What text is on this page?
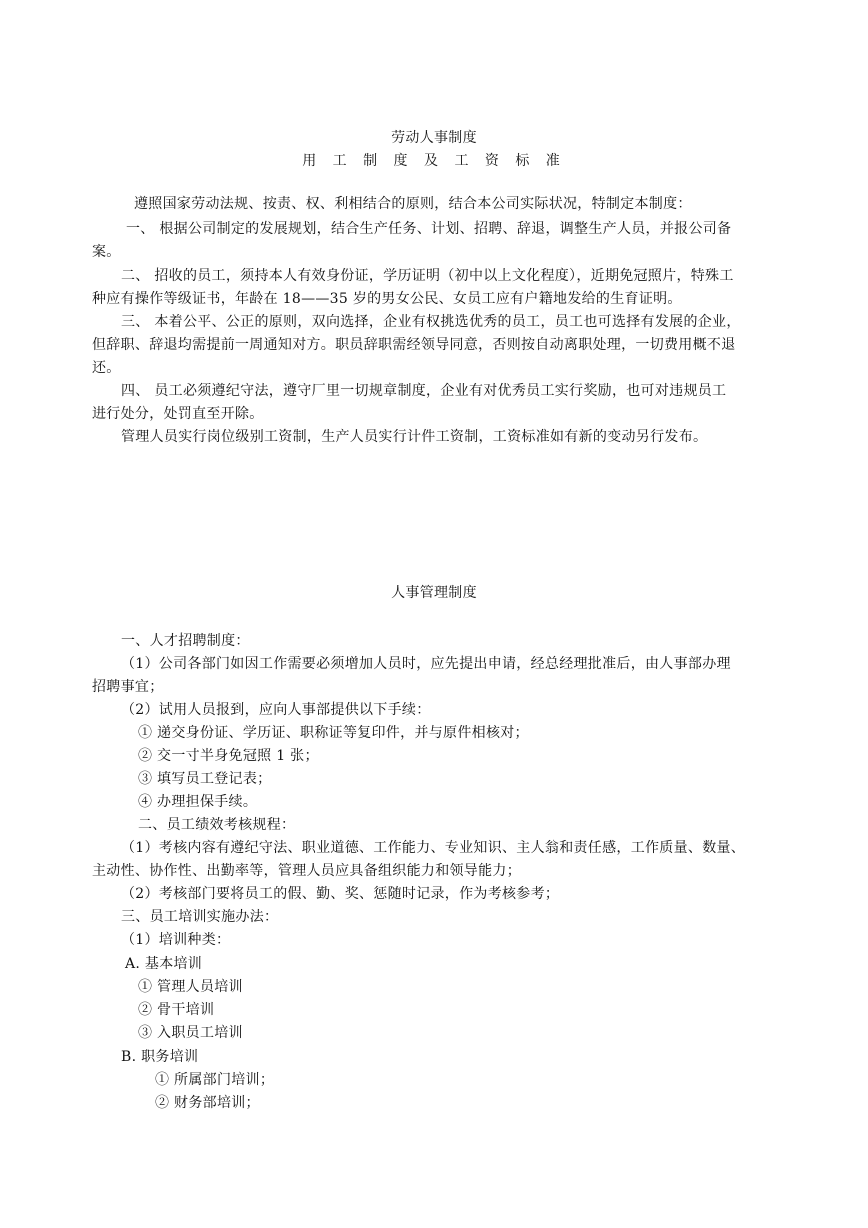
劳动人事制度
用 工 制 度 及 工 资 标 准
遵照国家劳动法规、按责、权、利相结合的原则，结合本公司实际状况，特制定本制度：
一、 根据公司制定的发展规划，结合生产任务、计划、招聘、辞退，调整生产人员，并报公司备
案。
二、 招收的员工，须持本人有效身份证，学历证明（初中以上文化程度），近期免冠照片，特殊工
种应有操作等级证书，年龄在 18——35 岁的男女公民、女员工应有户籍地发给的生育证明。
三、 本着公平、公正的原则，双向选择，企业有权挑选优秀的员工，员工也可选择有发展的企业，
但辞职、辞退均需提前一周通知对方。职员辞职需经领导同意，否则按自动离职处理，一切费用概不退
还。
四、 员工必须遵纪守法，遵守厂里一切规章制度，企业有对优秀员工实行奖励，也可对违规员工
进行处分，处罚直至开除。
管理人员实行岗位级别工资制，生产人员实行计件工资制，工资标准如有新的变动另行发布。
人事管理制度
一、人才招聘制度：
（1）公司各部门如因工作需要必须增加人员时，应先提出申请，经总经理批准后，由人事部办理
招聘事宜；
（2）试用人员报到，应向人事部提供以下手续：
① 递交身份证、学历证、职称证等复印件，并与原件相核对；
② 交一寸半身免冠照 1 张；
③ 填写员工登记表；
④ 办理担保手续。
二、员工绩效考核规程：
（1）考核内容有遵纪守法、职业道德、工作能力、专业知识、主人翁和责任感，工作质量、数量、
主动性、协作性、出勤率等，管理人员应具备组织能力和领导能力；
（2）考核部门要将员工的假、勤、奖、惩随时记录，作为考核参考；
三、员工培训实施办法：
（1）培训种类：
A. 基本培训
① 管理人员培训
② 骨干培训
③ 入职员工培训
B. 职务培训
① 所属部门培训；
② 财务部培训；
